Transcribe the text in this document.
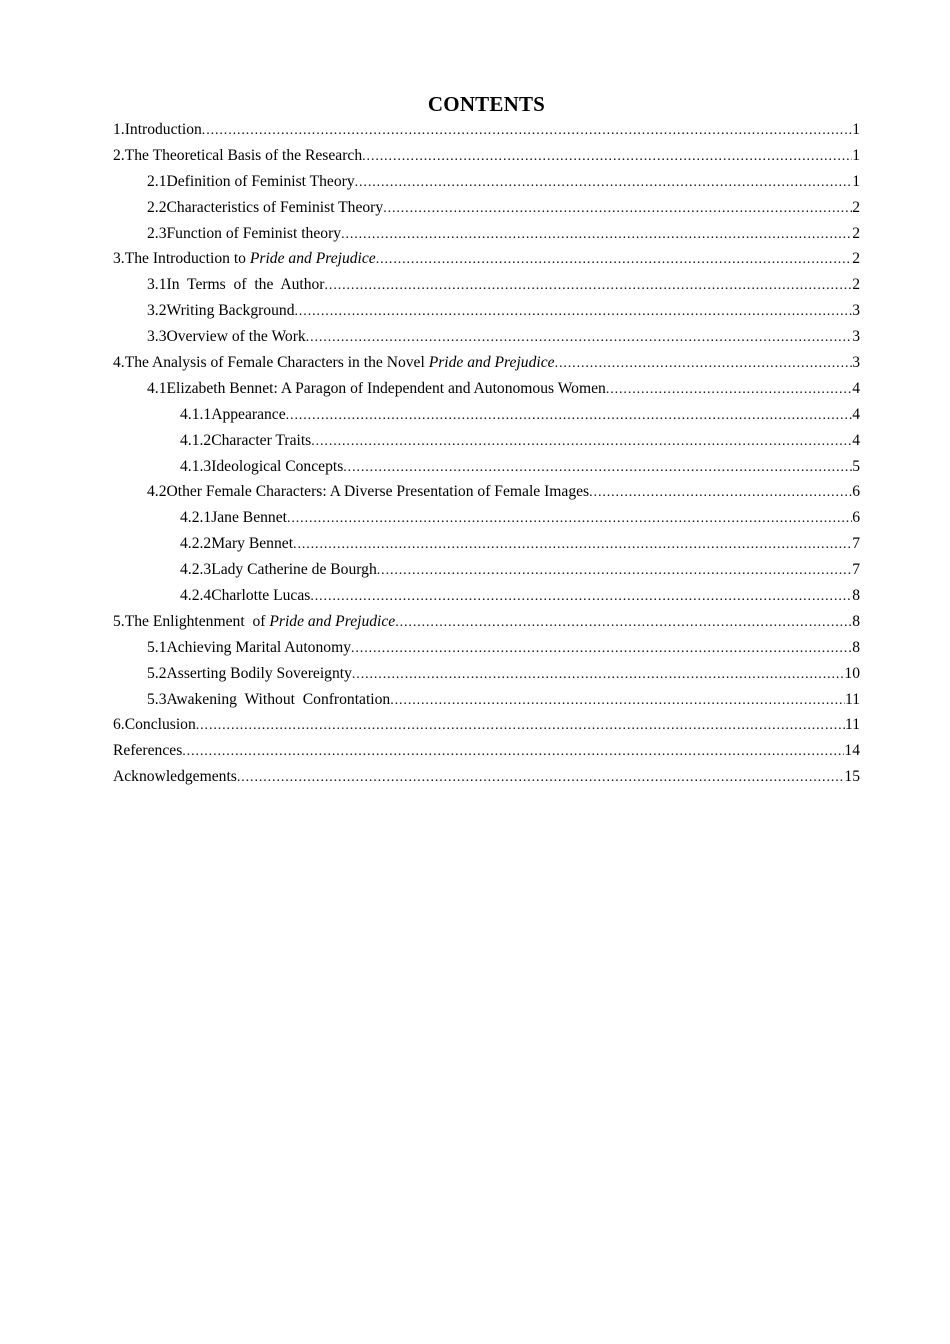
CONTENTS
1. Introduction .....	1
2. The Theoretical Basis of the Research .....	1
2.1 Definition of Feminist Theory .....	1
2.2 Characteristics of Feminist Theory .....	2
2.3 Function of Feminist theory .....	2
3. The Introduction to Pride and Prejudice .....	2
3.1 In  Terms  of  the  Author .....	2
3.2 Writing Background .....	3
3.3 Overview of the Work .....	3
4. The Analysis of Female Characters in the Novel Pride and Prejudice .....	3
4.1 Elizabeth Bennet: A Paragon of Independent and Autonomous Women .....	4
4.1.1 Appearance .....	4
4.1.2 Character Traits .....	4
4.1.3 Ideological Concepts .....	5
4.2 Other Female Characters: A Diverse Presentation of Female Images .....	6
4.2.1 Jane Bennet .....	6
4.2.2 Mary Bennet .....	7
4.2.3 Lady Catherine de Bourgh .....	7
4.2.4 Charlotte Lucas .....	8
5. The Enlightenment  of Pride and Prejudice .....	8
5.1 Achieving Marital Autonomy .....	8
5.2 Asserting Bodily Sovereignty .....	10
5.3 Awakening  Without  Confrontation .....	11
6. Conclusion .....	11
References .....	14
Acknowledgements .....	15
